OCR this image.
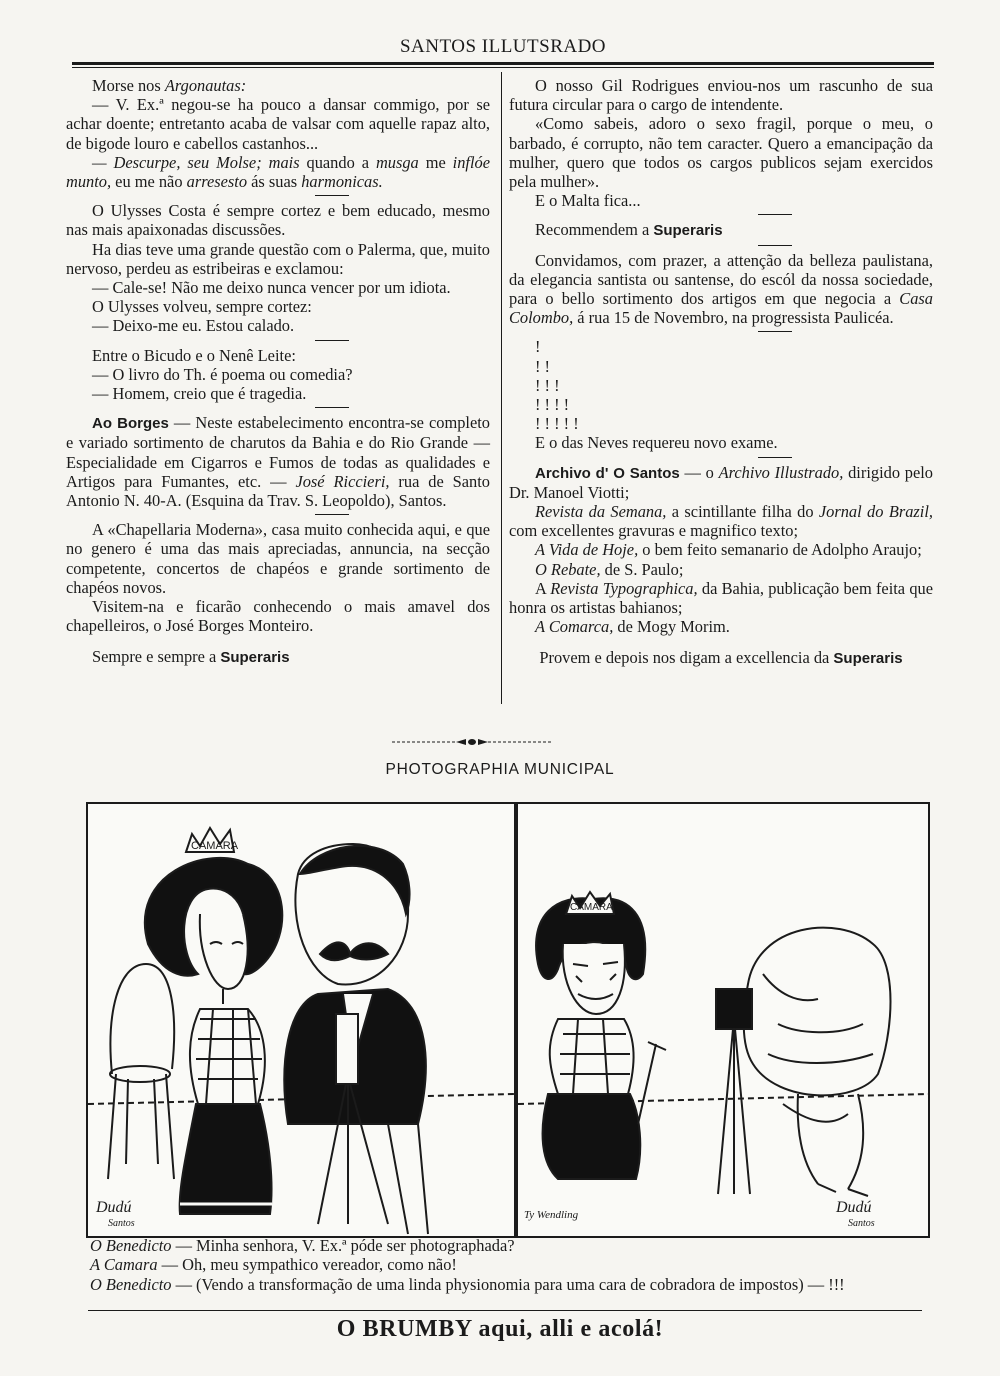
SANTOS ILLUTSRADO

Morse nos Argonautas:

— V. Ex.ª negou-se ha pouco a dansar commigo, por se achar doente; entretanto acaba de valsar com aquelle rapaz alto, de bigode louro e cabellos castanhos...

— Descurpe, seu Molse; mais quando a musga me inflóe munto, eu me não arresesto ás suas harmonicas.

O Ulysses Costa é sempre cortez e bem educado, mesmo nas mais apaixonadas discussões.

Ha dias teve uma grande questão com o Palerma, que, muito nervoso, perdeu as estribeiras e exclamou:

— Cale-se! Não me deixo nunca vencer por um idiota.

O Ulysses volveu, sempre cortez:

— Deixo-me eu. Estou calado.

Entre o Bicudo e o Nenê Leite:

— O livro do Th. é poema ou comedia?

— Homem, creio que é tragedia.

Ao Borges — Neste estabelecimento encontra-se completo e variado sortimento de charutos da Bahia e do Rio Grande — Especialidade em Cigarros e Fumos de todas as qualidades e Artigos para Fumantes, etc. — José Riccieri, rua de Santo Antonio N. 40-A. (Esquina da Trav. S. Leopoldo), Santos.

A «Chapellaria Moderna», casa muito conhecida aqui, e que no genero é uma das mais apreciadas, annuncia, na secção competente, concertos de chapéos e grande sortimento de chapéos novos.

Visitem-na e ficarão conhecendo o mais amavel dos chapelleiros, o José Borges Monteiro.

Sempre e sempre a Superaris

O nosso Gil Rodrigues enviou-nos um rascunho de sua futura circular para o cargo de intendente.

«Como sabeis, adoro o sexo fragil, porque o meu, o barbado, é corrupto, não tem caracter. Quero a emancipação da mulher, quero que todos os cargos publicos sejam exercidos pela mulher».

E o Malta fica...

Recommendem a Superaris

Convidamos, com prazer, a attenção da belleza paulistana, da elegancia santista ou santense, do escól da nossa sociedade, para o bello sortimento dos artigos em que negocia a Casa Colombo, á rua 15 de Novembro, na progressista Paulicéa.

!

! !

! ! !

! ! ! !

! ! ! ! !

E o das Neves requereu novo exame.

Archivo d' O Santos — o Archivo Illustrado, dirigido pelo Dr. Manoel Viotti;

Revista da Semana, a scintillante filha do Jornal do Brazil, com excellentes gravuras e magnifico texto;

A Vida de Hoje, o bem feito semanario de Adolpho Araujo;

O Rebate, de S. Paulo;

A Revista Typographica, da Bahia, publicação bem feita que honra os artistas bahianos;

A Comarca, de Mogy Morim.

Provem e depois nos digam a excellencia da Superaris

PHOTOGRAPHIA MUNICIPAL
CAMARA
Dudú
Santos
CAMARA
Ty Wendling	Dudú
Santos

O Benedicto — Minha senhora, V. Ex.ª póde ser photographada?

A Camara — Oh, meu sympathico vereador, como não!

O Benedicto — (Vendo a transformação de uma linda physionomia para uma cara de cobradora de impostos) — !!!

O BRUMBY aqui, alli e acolá!
